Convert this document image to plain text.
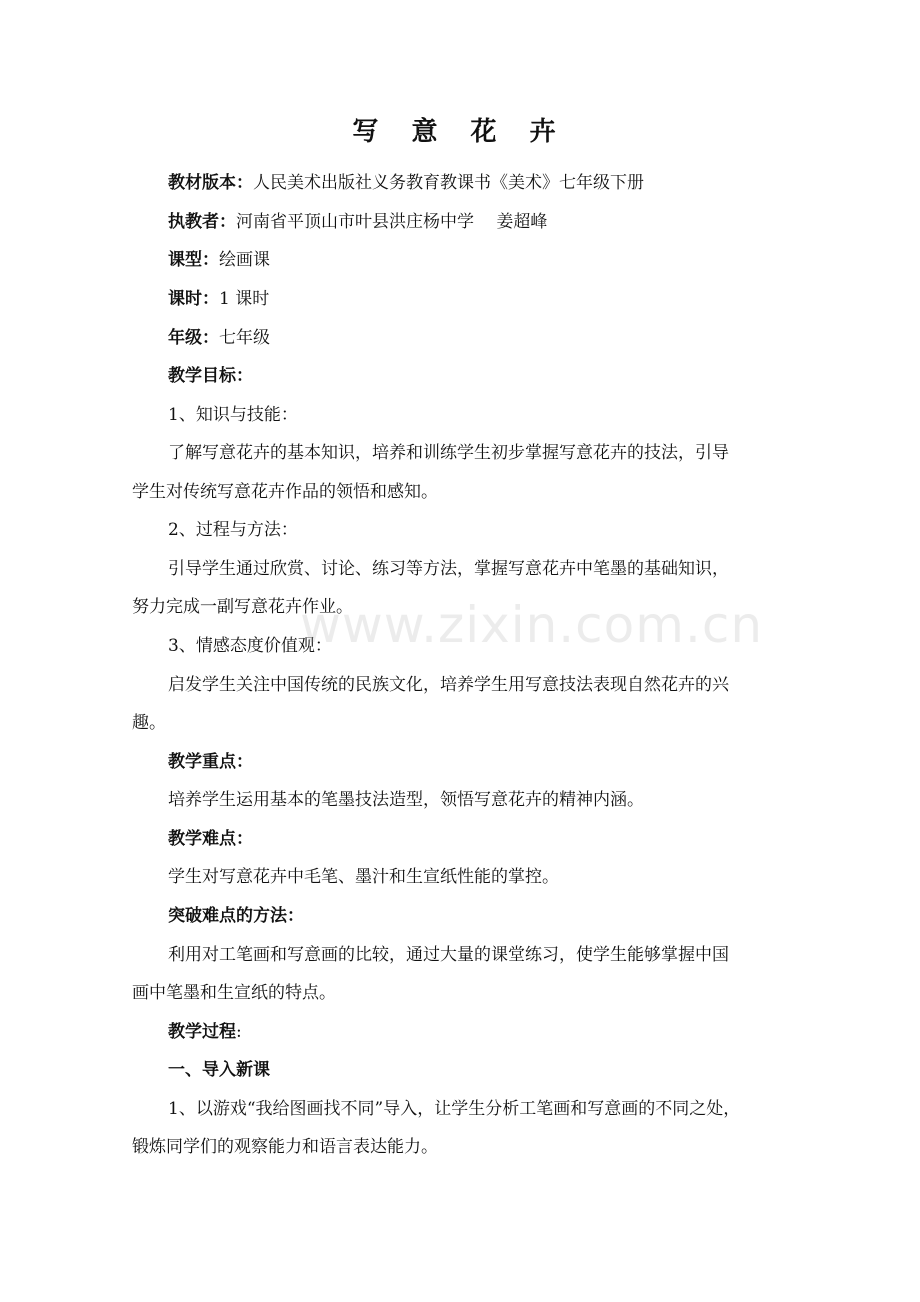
写 意 花 卉
教材版本：人民美术出版社义务教育教课书《美术》七年级下册
执教者：河南省平顶山市叶县洪庄杨中学　 姜超峰
课型：绘画课
课时：1 课时
年级：七年级
教学目标：
1、知识与技能：
了解写意花卉的基本知识，培养和训练学生初步掌握写意花卉的技法，引导
学生对传统写意花卉作品的领悟和感知。
2、过程与方法：
引导学生通过欣赏、讨论、练习等方法，掌握写意花卉中笔墨的基础知识，
努力完成一副写意花卉作业。
3、情感态度价值观：
启发学生关注中国传统的民族文化，培养学生用写意技法表现自然花卉的兴
趣。
教学重点：
培养学生运用基本的笔墨技法造型，领悟写意花卉的精神内涵。
教学难点：
学生对写意花卉中毛笔、墨汁和生宣纸性能的掌控。
突破难点的方法：
利用对工笔画和写意画的比较，通过大量的课堂练习，使学生能够掌握中国
画中笔墨和生宣纸的特点。
教学过程:
一、导入新课
1、以游戏“我给图画找不同”导入，让学生分析工笔画和写意画的不同之处，
锻炼同学们的观察能力和语言表达能力。
www.zixin.com.cn
